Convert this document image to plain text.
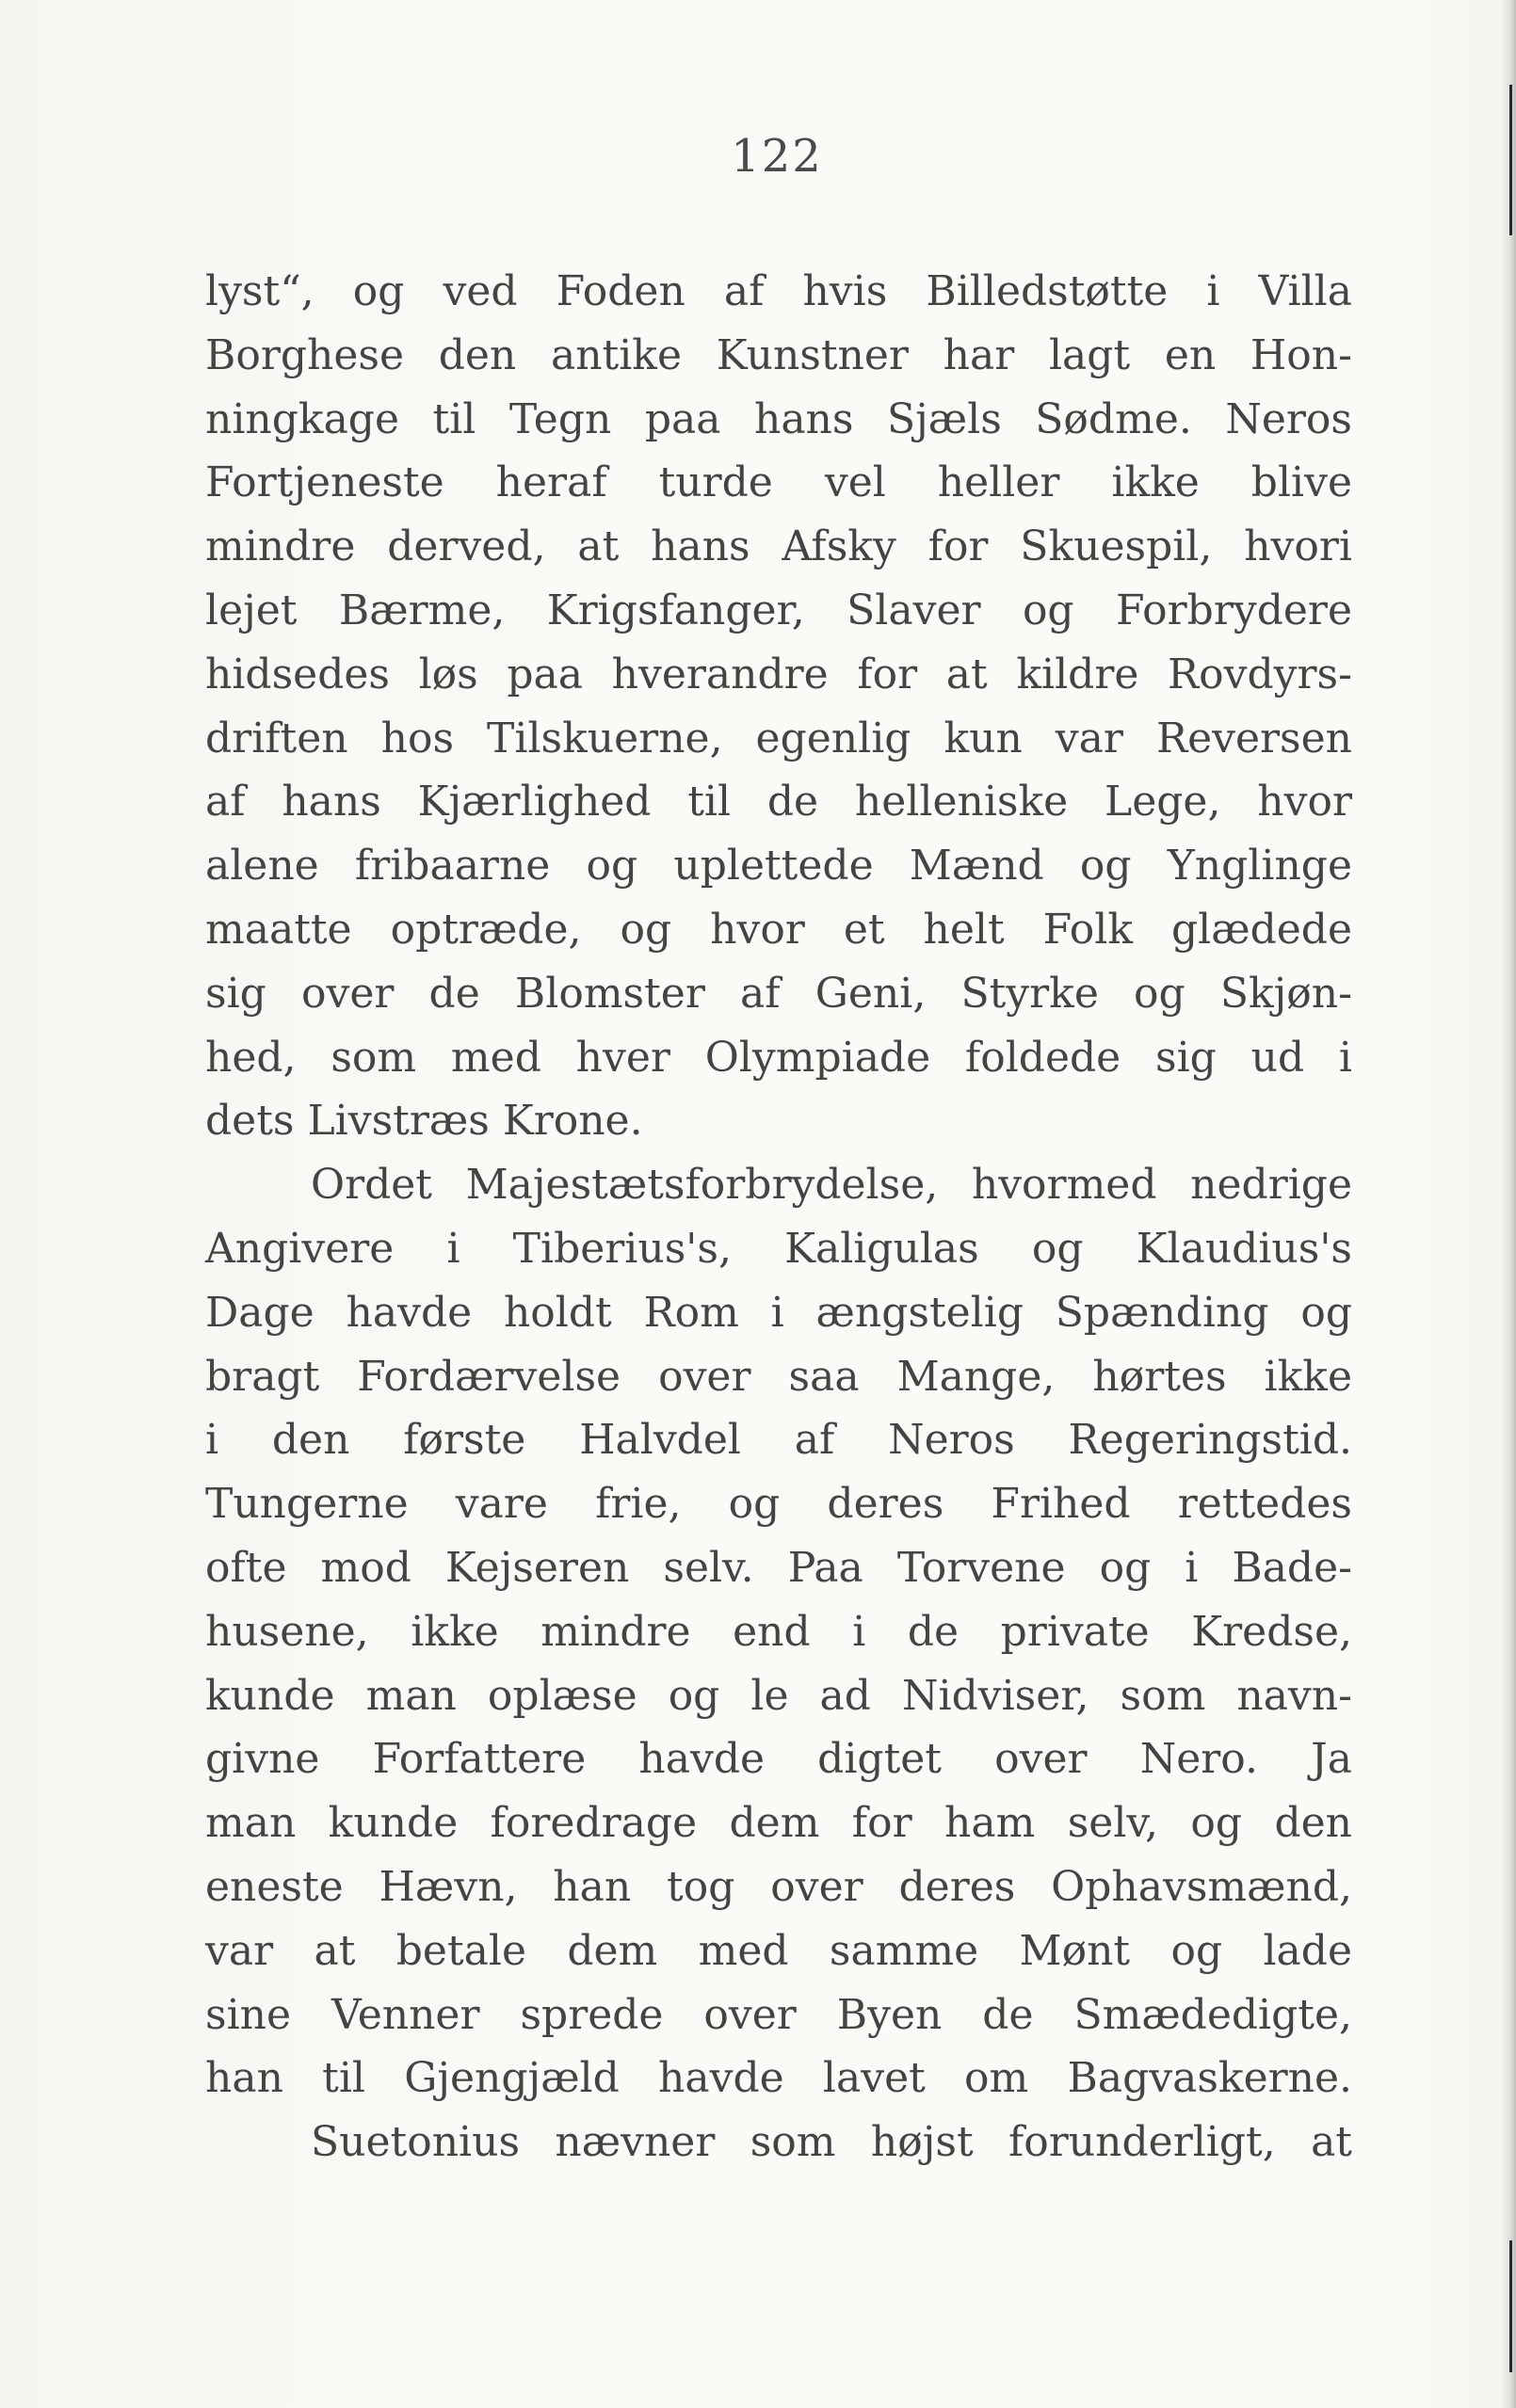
122
lyst“, og ved Foden af hvis Billedstøtte i Villa
Borghese den antike Kunstner har lagt en Hon-
ningkage til Tegn paa hans Sjæls Sødme. Neros
Fortjeneste heraf turde vel heller ikke blive
mindre derved, at hans Afsky for Skuespil, hvori
lejet Bærme, Krigsfanger, Slaver og Forbrydere
hidsedes løs paa hverandre for at kildre Rovdyrs-
driften hos Tilskuerne, egenlig kun var Reversen
af hans Kjærlighed til de helleniske Lege, hvor
alene fribaarne og uplettede Mænd og Ynglinge
maatte optræde, og hvor et helt Folk glædede
sig over de Blomster af Geni, Styrke og Skjøn-
hed, som med hver Olympiade foldede sig ud i
dets Livstræs Krone.
Ordet Majestætsforbrydelse, hvormed nedrige
Angivere i Tiberius's, Kaligulas og Klaudius's
Dage havde holdt Rom i ængstelig Spænding og
bragt Fordærvelse over saa Mange, hørtes ikke
i den første Halvdel af Neros Regeringstid.
Tungerne vare frie, og deres Frihed rettedes
ofte mod Kejseren selv. Paa Torvene og i Bade-
husene, ikke mindre end i de private Kredse,
kunde man oplæse og le ad Nidviser, som navn-
givne Forfattere havde digtet over Nero. Ja
man kunde foredrage dem for ham selv, og den
eneste Hævn, han tog over deres Ophavsmænd,
var at betale dem med samme Mønt og lade
sine Venner sprede over Byen de Smædedigte,
han til Gjengjæld havde lavet om Bagvaskerne.
Suetonius nævner som højst forunderligt, at
